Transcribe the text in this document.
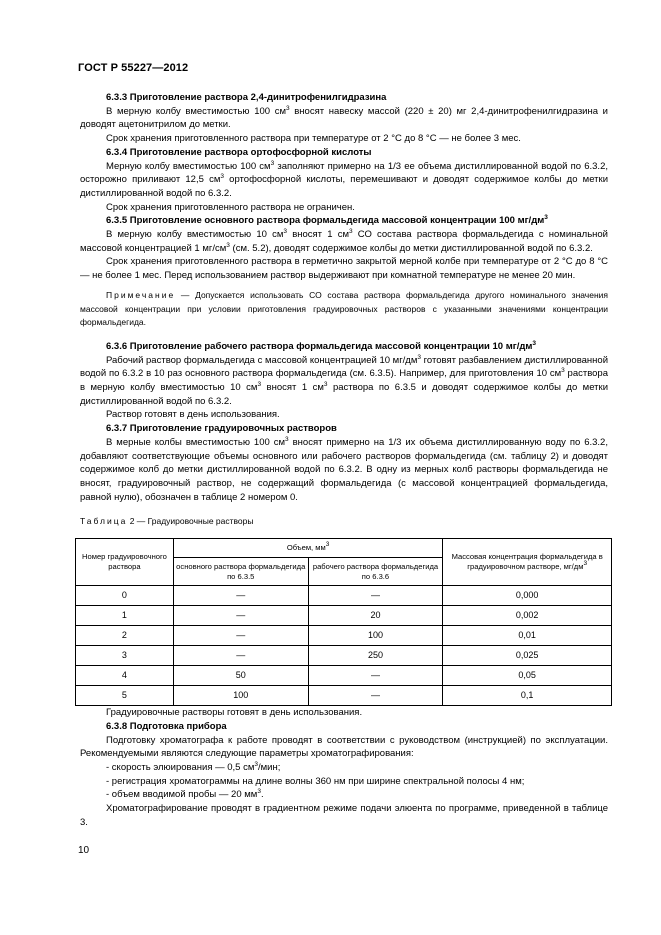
ГОСТ Р 55227—2012

6.3.3 Приготовление раствора 2,4-динитрофенилгидразина

В мерную колбу вместимостью 100 $см^3$ вносят навеску массой (220 ± 20) мг 2,4-динитрофенилгидразина и доводят ацетонитрилом до метки.

Срок хранения приготовленного раствора при температуре от 2 °С до 8 °С — не более 3 мес.

6.3.4 Приготовление раствора ортофосфорной кислоты

Мерную колбу вместимостью 100 $см^3$ заполняют примерно на 1/3 ее объема дистиллированной водой по 6.3.2, осторожно приливают 12,5 $см^3$ ортофосфорной кислоты, перемешивают и доводят содержимое колбы до метки дистиллированной водой по 6.3.2.

Срок хранения приготовленного раствора не ограничен.

6.3.5 Приготовление основного раствора формальдегида массовой концентрации 100 $мг/дм^3$

В мерную колбу вместимостью 10 $см^3$ вносят 1 $см^3$ СО состава раствора формальдегида с номинальной массовой концентрацией 1 $мг/см^3$ (см. 5.2), доводят содержимое колбы до метки дистиллированной водой по 6.3.2.

Срок хранения приготовленного раствора в герметично закрытой мерной колбе при температуре от 2 °С до 8 °С — не более 1 мес. Перед использованием раствор выдерживают при комнатной температуре не менее 20 мин.

Примечание — Допускается использовать СО состава раствора формальдегида другого номинального значения массовой концентрации при условии приготовления градуировочных растворов с указанными значениями концентрации формальдегида.

6.3.6 Приготовление рабочего раствора формальдегида массовой концентрации 10 $мг/дм^3$

Рабочий раствор формальдегида с массовой концентрацией 10 $мг/дм^3$ готовят разбавлением дистиллированной водой по 6.3.2 в 10 раз основного раствора формальдегида (см. 6.3.5). Например, для приготовления 10 $см^3$ раствора в мерную колбу вместимостью 10 $см^3$ вносят 1 $см^3$ раствора по 6.3.5 и доводят содержимое колбы до метки дистиллированной водой по 6.3.2.

Раствор готовят в день использования.

6.3.7 Приготовление градуировочных растворов

В мерные колбы вместимостью 100 $см^3$ вносят примерно на 1/3 их объема дистиллированную воду по 6.3.2, добавляют соответствующие объемы основного или рабочего растворов формальдегида (см. таблицу 2) и доводят содержимое колб до метки дистиллированной водой по 6.3.2. В одну из мерных колб растворы формальдегида не вносят, градуировочный раствор, не содержащий формальдегида (с массовой концентрацией формальдегида, равной нулю), обозначен в таблице 2 номером 0.

Таблица 2 — Градуировочные растворы

Номер градуировочного раствора	Объем, $мм^3$		Массовая концентрация формальдегида в градуировочном растворе, $мг/дм^3$
	основного раствора формальдегида по 6.3.5	рабочего раствора формальдегида по 6.3.6	
0	—	—	0,000
1	—	20	0,002
2	—	100	0,01
3	—	250	0,025
4	50	—	0,05
5	100	—	0,1

Градуировочные растворы готовят в день использования.

6.3.8 Подготовка прибора

Подготовку хроматографа к работе проводят в соответствии с руководством (инструкцией) по эксплуатации. Рекомендуемыми являются следующие параметры хроматографирования:

- скорость элюирования — 0,5 $см^3$/мин;

- регистрация хроматограммы на длине волны 360 нм при ширине спектральной полосы 4 нм;

- объем вводимой пробы — 20 $мм^3$.

Хроматографирование проводят в градиентном режиме подачи элюента по программе, приведенной в таблице 3.

10
